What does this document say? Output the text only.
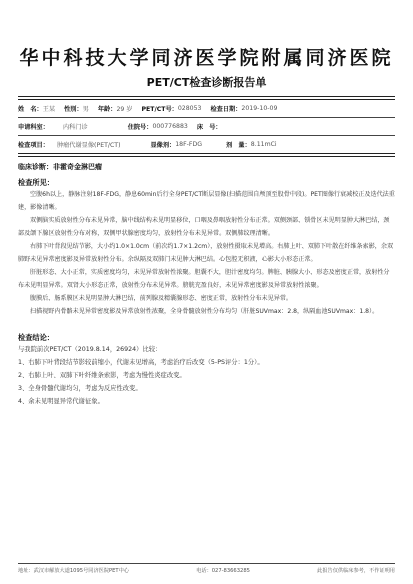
华中科技大学同济医学院附属同济医院
PET/CT检查诊断报告单
姓　名： 王某 性别： 男 年龄： 29 岁 PET/CT号： 028053 检查日期： 2019-10-09
申请科室： 内科门诊	住院号： 000776883 床　号：
检查项目： 肿瘤代谢显像(PET/CT)	显像剂： 18F-FDG	剂　量： 8.11mCi
临床诊断：非霍奇金淋巴瘤
检查所见：

空腹6h以上，静脉注射18F-FDG，静息60min后行全身PET/CT断层显像(扫描范围自颅顶至股骨中段)。PET图像行衰减校正及迭代法重建，影像清晰。

双侧脑实质放射性分布未见异常，脑中线结构未见明显移位，口咽及鼻咽放射性分布正常。双侧颈部、锁骨区未见明显肿大淋巴结，颈部及颌下腺区放射性分布对称，双侧甲状腺密度均匀，放射性分布未见异常。双侧肺纹理清晰。

右肺下叶背段见结节影，大小约1.0×1.0cm（前次约1.7×1.2cm），放射性摄取未见增高。右肺上叶、双肺下叶散在纤维条索影，余双肺野未见异常密度影及异常放射性分布。余纵隔及双肺门未见肿大淋巴结。心包腔无积液，心影大小形态正常。

肝脏形态、大小正常，实质密度均匀，未见异常放射性浓聚。胆囊不大，胆汁密度均匀。脾脏、胰腺大小、形态及密度正常，放射性分布未见明显异常。双肾大小形态正常，放射性分布未见异常。膀胱充盈良好，未见异常密度影及异常放射性浓聚。

腹膜后、肠系膜区未见明显肿大淋巴结，前列腺及精囊腺形态、密度正常，放射性分布未见异常。

扫描视野内骨骼未见异常密度影及异常放射性浓聚，全身骨髓放射性分布均匀（肝脏SUVmax：2.8，纵隔血池SUVmax：1.8）。

检查结论：

与我院前次PET/CT（2019.8.14，26924）比较：

1、右肺下叶背段结节影较前缩小，代谢未见增高，考虑治疗后改变（5-PS评分：1分）。

2、右肺上叶、双肺下叶纤维条索影，考虑为慢性炎症改变。

3、全身骨髓代谢均匀，考虑为反应性改变。

4、余未见明显异常代谢征象。

地址：武汉市解放大道1095号同济医院PET中心	电话：027-83663285	此报告仅供临床参考，不作证明用
